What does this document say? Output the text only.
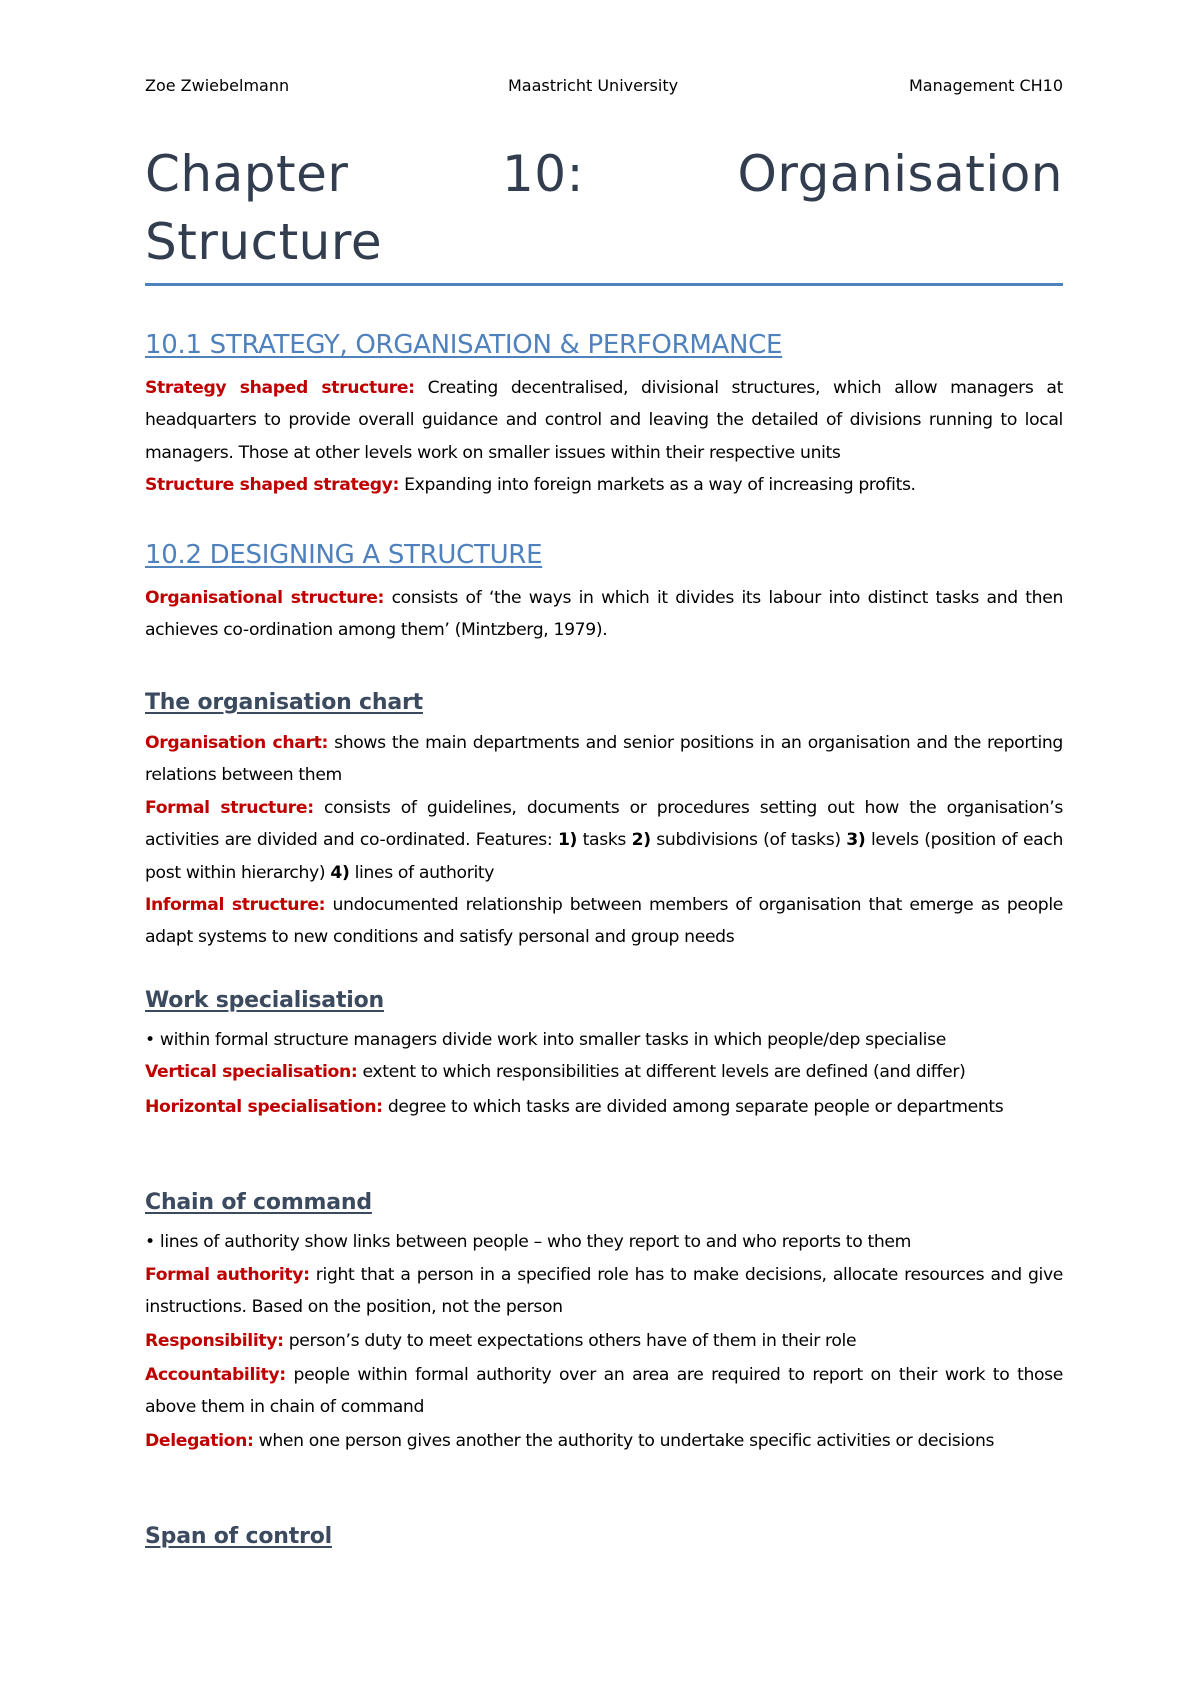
Zoe Zwiebelmann	Maastricht University	Management CH10
Chapter	10:	Organisation
Structure
10.1 STRATEGY, ORGANISATION & PERFORMANCE

Strategy shaped structure: Creating decentralised, divisional structures, which allow managers at headquarters to provide overall guidance and control and leaving the detailed of divisions running to local managers. Those at other levels work on smaller issues within their respective units

Structure shaped strategy: Expanding into foreign markets as a way of increasing profits.

10.2 DESIGNING A STRUCTURE

Organisational structure: consists of ‘the ways in which it divides its labour into distinct tasks and then achieves co-ordination among them’ (Mintzberg, 1979).

The organisation chart

Organisation chart: shows the main departments and senior positions in an organisation and the reporting relations between them

Formal structure: consists of guidelines, documents or procedures setting out how the organisation’s activities are divided and co-ordinated. Features: 1) tasks 2) subdivisions (of tasks) 3) levels (position of each post within hierarchy) 4) lines of authority

Informal structure: undocumented relationship between members of organisation that emerge as people adapt systems to new conditions and satisfy personal and group needs

Work specialisation

• within formal structure managers divide work into smaller tasks in which people/dep specialise

Vertical specialisation: extent to which responsibilities at different levels are defined (and differ)

Horizontal specialisation: degree to which tasks are divided among separate people or departments

Chain of command

• lines of authority show links between people – who they report to and who reports to them

Formal authority: right that a person in a specified role has to make decisions, allocate resources and give instructions. Based on the position, not the person

Responsibility: person’s duty to meet expectations others have of them in their role

Accountability: people within formal authority over an area are required to report on their work to those above them in chain of command

Delegation: when one person gives another the authority to undertake specific activities or decisions

Span of control
